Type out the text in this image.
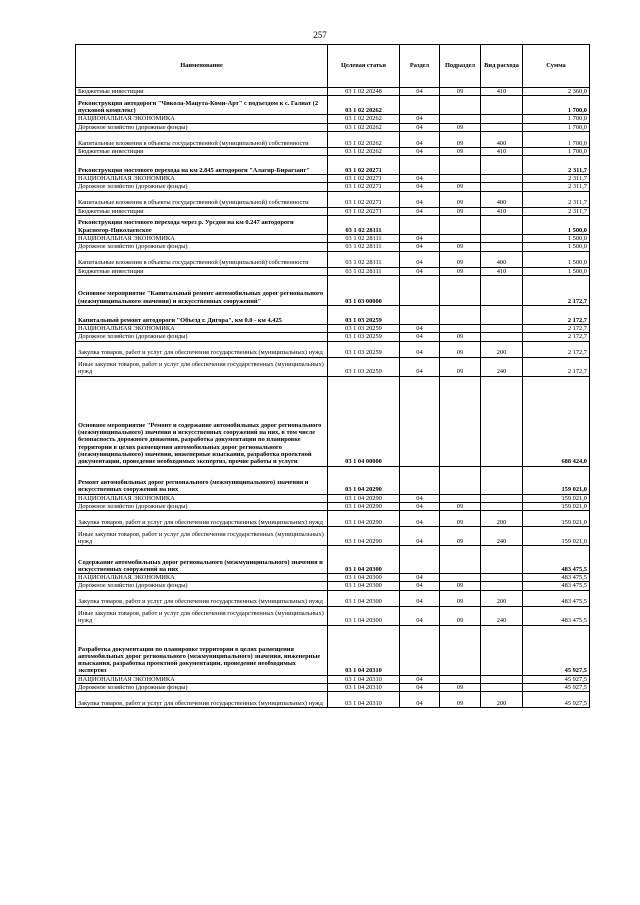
257
Наименование	Целевая статья	Раздел	Подраздел	Вид расхода	Сумма
Бюджетные инвестиции	03 1 02 20248	04	09	410	2 360,0
Реконструкция автодороги "Чикола-Мацута-Коми-Арт" с подъездом к с. Галиат (2 пусковой комплекс)	03 1 02 20262				1 700,0
НАЦИОНАЛЬНАЯ ЭКОНОМИКА	03 1 02 20262	04			1 700,0
Дорожное хозяйство (дорожные фонды)	03 1 02 20262	04	09		1 700,0
Капитальные вложения в объекты государственной (муниципальной) собственности	03 1 02 20262	04	09	400	1 700,0
Бюджетные инвестиции	03 1 02 20262	04	09	410	1 700,0
Реконструкция мостового перехода на км 2.845 автодороги "Алагир-Бирагзанг"	03 1 02 20271				2 311,7
НАЦИОНАЛЬНАЯ ЭКОНОМИКА	03 1 02 20271	04			2 311,7
Дорожное хозяйство (дорожные фонды)	03 1 02 20271	04	09		2 311,7
Капитальные вложения в объекты государственной (муниципальной) собственности	03 1 02 20271	04	09	400	2 311,7
Бюджетные инвестиции	03 1 02 20271	04	09	410	2 311,7
Реконструкция мостового перехода через р. Урсдон на км 0.247 автодороги Красногор-Николаевское	03 1 02 28111				1 500,0
НАЦИОНАЛЬНАЯ ЭКОНОМИКА	03 1 02 28111	04			1 500,0
Дорожное хозяйство (дорожные фонды)	03 1 02 28111	04	09		1 500,0
Капитальные вложения в объекты государственной (муниципальной) собственности	03 1 02 28111	04	09	400	1 500,0
Бюджетные инвестиции	03 1 02 28111	04	09	410	1 500,0
Основное мероприятие "Капитальный ремонт автомобильных дорог регионального (межмуниципального значения) и искусственных сооружений"	03 1 03 00000				2 172,7
Капитальный ремонт автодороги "Объезд г. Дигора", км 0.0 - км 4.425	03 1 03 20259				2 172,7
НАЦИОНАЛЬНАЯ ЭКОНОМИКА	03 1 03 20259	04			2 172,7
Дорожное хозяйство (дорожные фонды)	03 1 03 20259	04	09		2 172,7
Закупка товаров, работ и услуг для обеспечения государственных (муниципальных) нужд	03 1 03 20259	04	09	200	2 172,7
Иные закупки товаров, работ и услуг для обеспечения государственных (муниципальных) нужд	03 1 03 20259	04	09	240	2 172,7
Основное мероприятие "Ремонт и содержание автомобильных дорог регионального (межмуниципального) значения и искусственных сооружений на них, в том числе безопасность дорожного движения, разработка документации по планировке территории в целях размещения автомобильных дорог регионального (межмуниципального) значения, инженерные изыскания, разработка проектной документации, проведение необходимых экспертиз, прочие работы и услуги	03 1 04 00000				688 424,0
Ремонт автомобильных дорог регионального (межмуниципального) значения и искусственных сооружений на них	03 1 04 20290				159 021,0
НАЦИОНАЛЬНАЯ ЭКОНОМИКА	03 1 04 20290	04			159 021,0
Дорожное хозяйство (дорожные фонды)	03 1 04 20290	04	09		159 021,0
Закупка товаров, работ и услуг для обеспечения государственных (муниципальных) нужд	03 1 04 20290	04	09	200	159 021,0
Иные закупки товаров, работ и услуг для обеспечения государственных (муниципальных) нужд	03 1 04 20290	04	09	240	159 021,0
Содержание автомобильных дорог регионального (межмуниципального) значения и искусственных сооружений на них	03 1 04 20300				483 475,5
НАЦИОНАЛЬНАЯ ЭКОНОМИКА	03 1 04 20300	04			483 475,5
Дорожное хозяйство (дорожные фонды)	03 1 04 20300	04	09		483 475,5
Закупка товаров, работ и услуг для обеспечения государственных (муниципальных) нужд	03 1 04 20300	04	09	200	483 475,5
Иные закупки товаров, работ и услуг для обеспечения государственных (муниципальных) нужд	03 1 04 20300	04	09	240	483 475,5
Разработка документации по планировке территории в целях размещения автомобильных дорог регионального (межмуниципального) значения, инженерные изыскания, разработка проектной документации, проведение необходимых экспертиз	03 1 04 20310				45 927,5
НАЦИОНАЛЬНАЯ ЭКОНОМИКА	03 1 04 20310	04			45 927,5
Дорожное хозяйство (дорожные фонды)	03 1 04 20310	04	09		45 927,5
Закупка товаров, работ и услуг для обеспечения государственных (муниципальных) нужд	03 1 04 20310	04	09	200	45 927,5
